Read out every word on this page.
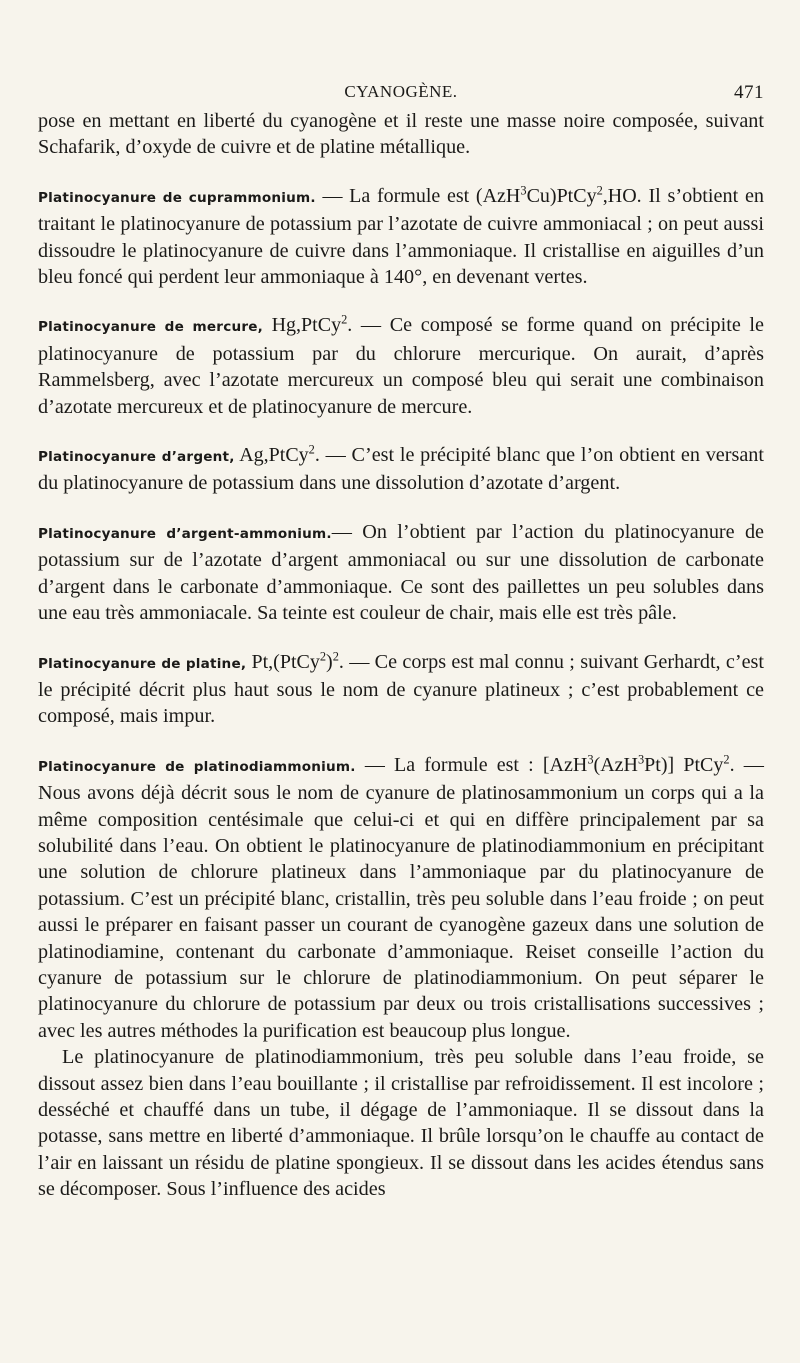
CYANOGÈNE.	471

pose en mettant en liberté du cyanogène et il reste une masse noire composée, suivant Schafarik, d’oxyde de cuivre et de platine métallique.

Platinocyanure de cuprammonium. — La formule est (AzH$^3$Cu)PtCy$^2$,HO. Il s’obtient en traitant le platinocyanure de potassium par l’azotate de cuivre ammoniacal ; on peut aussi dissoudre le platinocyanure de cuivre dans l’ammoniaque. Il cristallise en aiguilles d’un bleu foncé qui perdent leur ammoniaque à 140°, en devenant vertes.

Platinocyanure de mercure, Hg,PtCy$^2$. — Ce composé se forme quand on précipite le platinocyanure de potassium par du chlorure mercurique. On aurait, d’après Rammelsberg, avec l’azotate mercureux un composé bleu qui serait une combinaison d’azotate mercureux et de platinocyanure de mercure.

Platinocyanure d’argent, Ag,PtCy$^2$. — C’est le précipité blanc que l’on obtient en versant du platinocyanure de potassium dans une dissolution d’azotate d’argent.

Platinocyanure d’argent-ammonium.— On l’obtient par l’action du platinocyanure de potassium sur de l’azotate d’argent ammoniacal ou sur une dissolution de carbonate d’argent dans le carbonate d’ammoniaque. Ce sont des paillettes un peu solubles dans une eau très ammoniacale. Sa teinte est couleur de chair, mais elle est très pâle.

Platinocyanure de platine, Pt,(PtCy$^2$)$^2$. — Ce corps est mal connu ; suivant Gerhardt, c’est le précipité décrit plus haut sous le nom de cyanure platineux ; c’est probablement ce composé, mais impur.

Platinocyanure de platinodiammonium. — La formule est : [AzH$^3$(AzH$^3$Pt)] PtCy$^2$. — Nous avons déjà décrit sous le nom de cyanure de platinosammonium un corps qui a la même composition centésimale que celui-ci et qui en diffère principalement par sa solubilité dans l’eau. On obtient le platinocyanure de platinodiammonium en précipitant une solution de chlorure platineux dans l’ammoniaque par du platinocyanure de potassium. C’est un précipité blanc, cristallin, très peu soluble dans l’eau froide ; on peut aussi le préparer en faisant passer un courant de cyanogène gazeux dans une solution de platinodiamine, contenant du carbonate d’ammoniaque. Reiset conseille l’action du cyanure de potassium sur le chlorure de platinodiammonium. On peut séparer le platinocyanure du chlorure de potassium par deux ou trois cristallisations successives ; avec les autres méthodes la purification est beaucoup plus longue.

Le platinocyanure de platinodiammonium, très peu soluble dans l’eau froide, se dissout assez bien dans l’eau bouillante ; il cristallise par refroidissement. Il est incolore ; desséché et chauffé dans un tube, il dégage de l’ammoniaque. Il se dissout dans la potasse, sans mettre en liberté d’ammoniaque. Il brûle lorsqu’on le chauffe au contact de l’air en laissant un résidu de platine spongieux. Il se dissout dans les acides étendus sans se décomposer. Sous l’influence des acides
